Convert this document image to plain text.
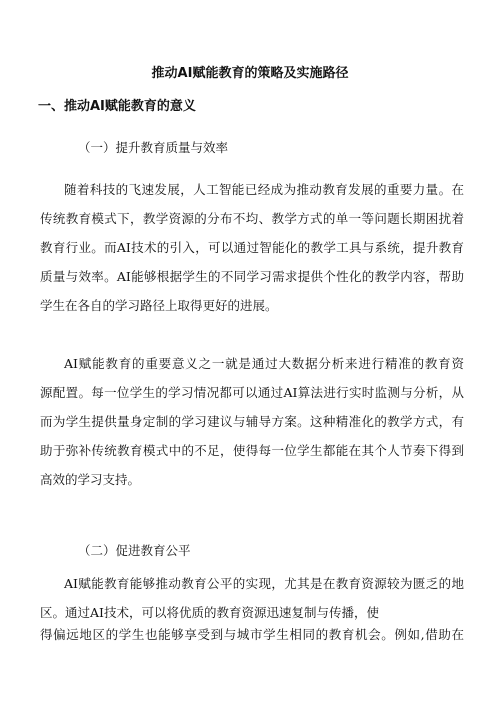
推动AI赋能教育的策略及实施路径
一、推动AI赋能教育的意义
（一）提升教育质量与效率
随着科技的飞速发展，人工智能已经成为推动教育发展的重要力量。在
传统教育模式下，教学资源的分布不均、教学方式的单一等问题长期困扰着
教育行业。而AI技术的引入，可以通过智能化的教学工具与系统，提升教育
质量与效率。AI能够根据学生的不同学习需求提供个性化的教学内容，帮助
学生在各自的学习路径上取得更好的进展。
AI赋能教育的重要意义之一就是通过大数据分析来进行精准的教育资
源配置。每一位学生的学习情况都可以通过AI算法进行实时监测与分析，从
而为学生提供量身定制的学习建议与辅导方案。这种精准化的教学方式，有
助于弥补传统教育模式中的不足，使得每一位学生都能在其个人节奏下得到
高效的学习支持。
（二）促进教育公平
AI赋能教育能够推动教育公平的实现，尤其是在教育资源较为匮乏的地
区。通过AI技术，可以将优质的教育资源迅速复制与传播，使
得偏远地区的学生也能够享受到与城市学生相同的教育机会。例如,借助在
